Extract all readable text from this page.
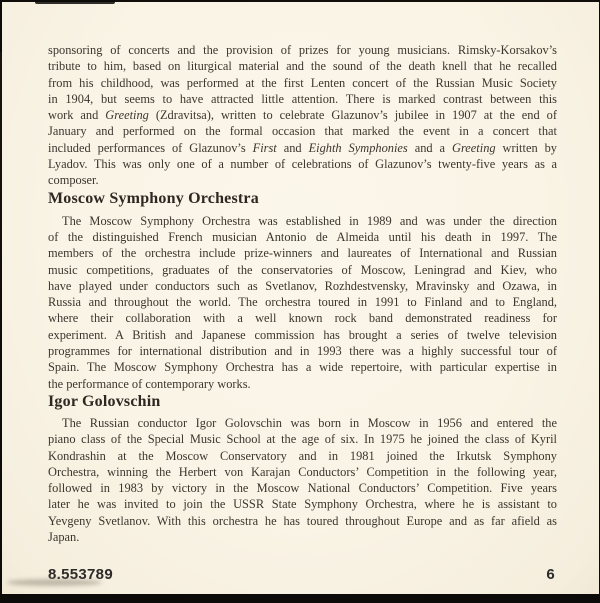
sponsoring of concerts and the provision of prizes for young musicians. Rimsky-Korsakov’s
tribute to him, based on liturgical material and the sound of the death knell that he recalled
from his childhood, was performed at the first Lenten concert of the Russian Music Society
in 1904, but seems to have attracted little attention. There is marked contrast between this
work and Greeting (Zdravitsa), written to celebrate Glazunov’s jubilee in 1907 at the end of
January and performed on the formal occasion that marked the event in a concert that
included performances of Glazunov’s First and Eighth Symphonies and a Greeting written by
Lyadov. This was only one of a number of celebrations of Glazunov’s twenty-five years as a
composer.
Moscow Symphony Orchestra
The Moscow Symphony Orchestra was established in 1989 and was under the direction
of the distinguished French musician Antonio de Almeida until his death in 1997. The
members of the orchestra include prize-winners and laureates of International and Russian
music competitions, graduates of the conservatories of Moscow, Leningrad and Kiev, who
have played under conductors such as Svetlanov, Rozhdestvensky, Mravinsky and Ozawa, in
Russia and throughout the world. The orchestra toured in 1991 to Finland and to England,
where their collaboration with a well known rock band demonstrated readiness for
experiment. A British and Japanese commission has brought a series of twelve television
programmes for international distribution and in 1993 there was a highly successful tour of
Spain. The Moscow Symphony Orchestra has a wide repertoire, with particular expertise in
the performance of contemporary works.
Igor Golovschin
The Russian conductor Igor Golovschin was born in Moscow in 1956 and entered the
piano class of the Special Music School at the age of six. In 1975 he joined the class of Kyril
Kondrashin at the Moscow Conservatory and in 1981 joined the Irkutsk Symphony
Orchestra, winning the Herbert von Karajan Conductors’ Competition in the following year,
followed in 1983 by victory in the Moscow National Conductors’ Competition. Five years
later he was invited to join the USSR State Symphony Orchestra, where he is assistant to
Yevgeny Svetlanov. With this orchestra he has toured throughout Europe and as far afield as
Japan.
8.553789	6
